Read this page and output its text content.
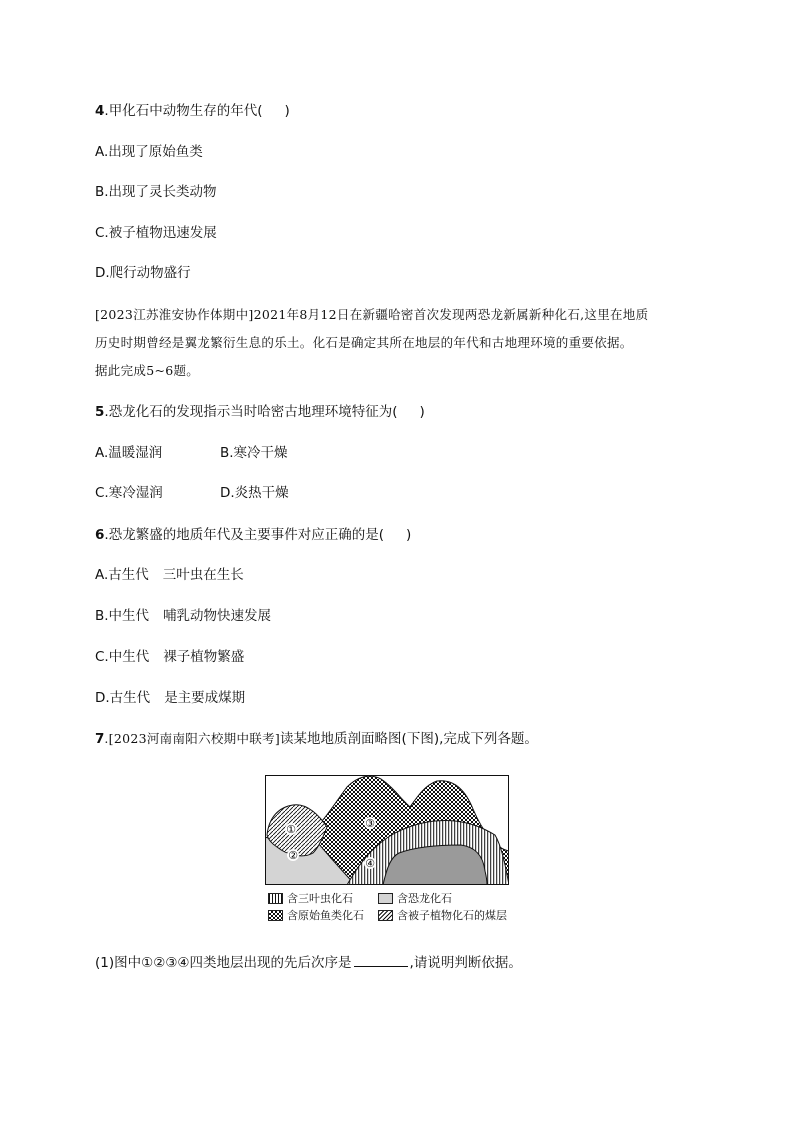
4.甲化石中动物生存的年代( )
A.出现了原始鱼类
B.出现了灵长类动物
C.被子植物迅速发展
D.爬行动物盛行
[2023江苏淮安协作体期中]2021年8月12日在新疆哈密首次发现两恐龙新属新种化石,这里在地质
历史时期曾经是翼龙繁衍生息的乐土。化石是确定其所在地层的年代和古地理环境的重要依据。
据此完成5~6题。
5.恐龙化石的发现指示当时哈密古地理环境特征为( )
A.温暖湿润	B.寒冷干燥
C.寒冷湿润	D.炎热干燥
6.恐龙繁盛的地质年代及主要事件对应正确的是( )
A.古生代 三叶虫在生长
B.中生代 哺乳动物快速发展
C.中生代 裸子植物繁盛
D.古生代 是主要成煤期
7.[2023河南南阳六校期中联考]读某地地质剖面略图(下图),完成下列各题。
①
②
③
④
含三叶虫化石	含恐龙化石
含原始鱼类化石	含被子植物化石的煤层
(1)图中①②③④四类地层出现的先后次序是	,请说明判断依据。
